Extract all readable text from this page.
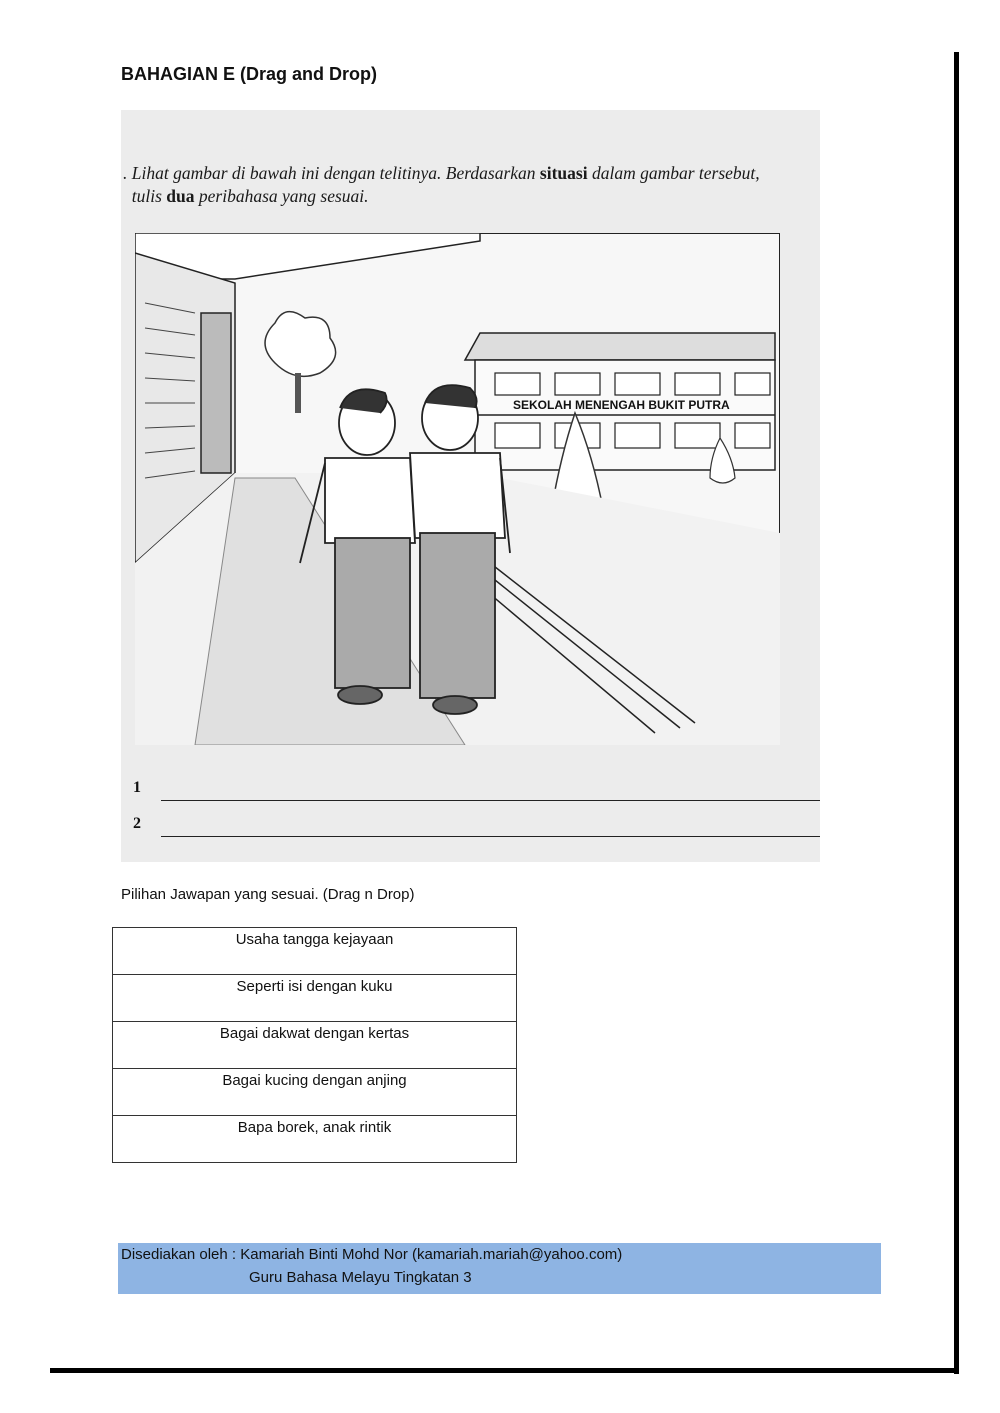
BAHAGIAN E (Drag and Drop)
. Lihat gambar di bawah ini dengan telitinya. Berdasarkan situasi dalam gambar tersebut,
tulis dua peribahasa yang sesuai.
SEKOLAH MENENGAH BUKIT PUTRA
1
2
Pilihan Jawapan yang sesuai. (Drag n Drop)
Usaha tangga kejayaan
Seperti isi dengan kuku
Bagai dakwat dengan kertas
Bagai kucing dengan anjing
Bapa borek, anak rintik
Disediakan oleh : Kamariah Binti Mohd Nor (kamariah.mariah@yahoo.com)
Guru Bahasa Melayu Tingkatan 3
